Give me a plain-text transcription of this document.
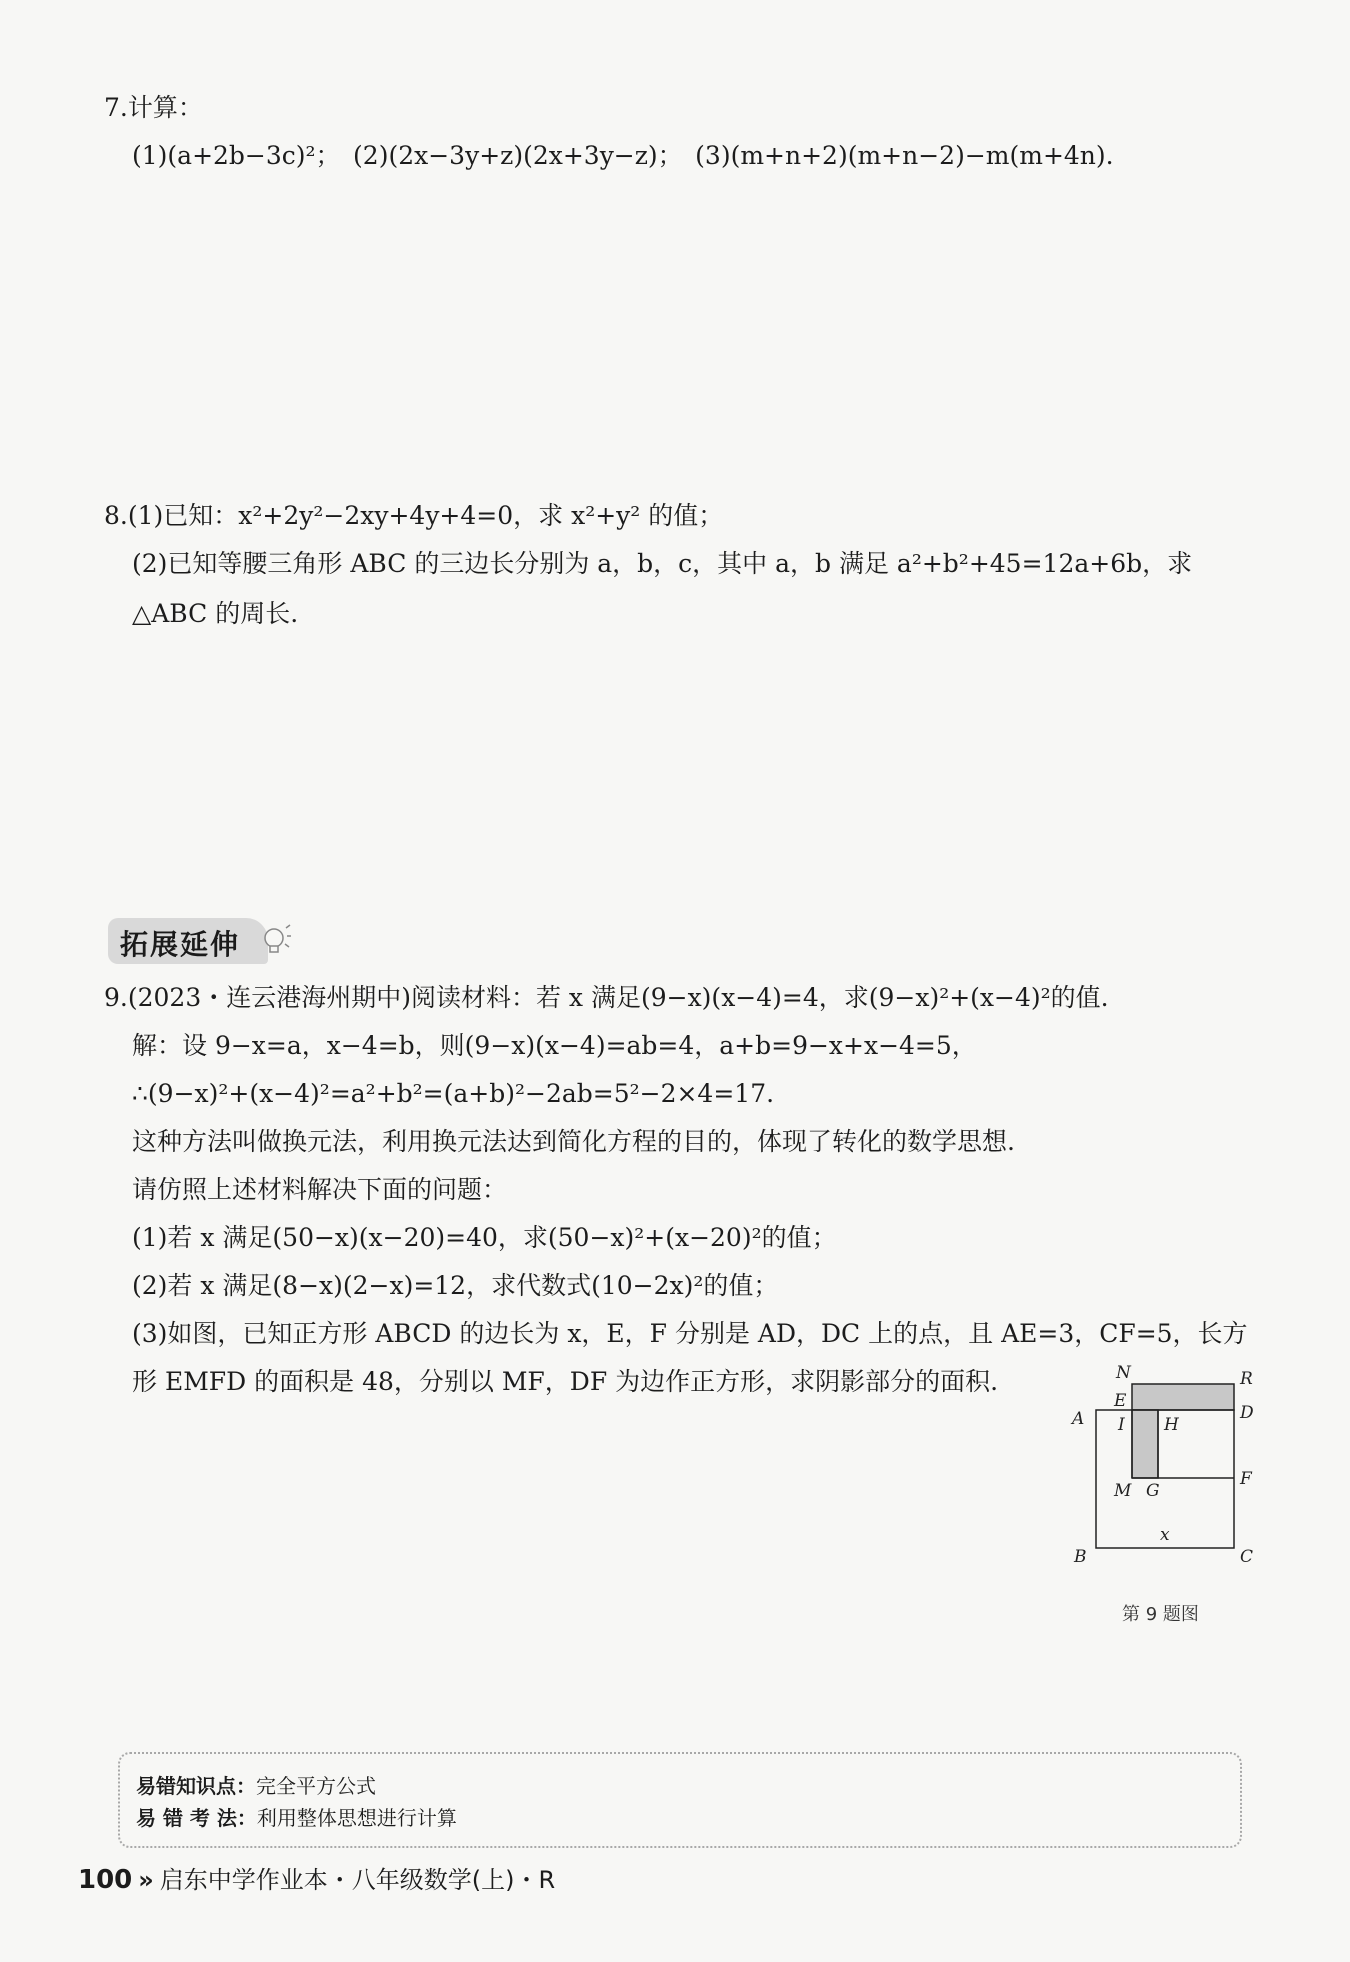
7.计算：
(1)(a+2b−3c)²；　(2)(2x−3y+z)(2x+3y−z)；　(3)(m+n+2)(m+n−2)−m(m+4n).
8.(1)已知：x²+2y²−2xy+4y+4=0，求 x²+y² 的值；
(2)已知等腰三角形 ABC 的三边长分别为 a，b，c，其中 a，b 满足 a²+b²+45=12a+6b，求
△ABC 的周长.
拓展延伸
9.(2023・连云港海州期中)阅读材料：若 x 满足(9−x)(x−4)=4，求(9−x)²+(x−4)²的值.
解：设 9−x=a，x−4=b，则(9−x)(x−4)=ab=4，a+b=9−x+x−4=5，
∴(9−x)²+(x−4)²=a²+b²=(a+b)²−2ab=5²−2×4=17.
这种方法叫做换元法，利用换元法达到简化方程的目的，体现了转化的数学思想.
请仿照上述材料解决下面的问题：
(1)若 x 满足(50−x)(x−20)=40，求(50−x)²+(x−20)²的值；
(2)若 x 满足(8−x)(2−x)=12，求代数式(10−2x)²的值；
(3)如图，已知正方形 ABCD 的边长为 x，E，F 分别是 AD，DC 上的点，且 AE=3，CF=5，长方
形 EMFD 的面积是 48，分别以 MF，DF 为边作正方形，求阴影部分的面积.	N	R
E
D
A I H
M G
F
B
x
C
第 9 题图
易错知识点：完全平方公式
易 错 考 法：利用整体思想进行计算
100 » 启东中学作业本・八年级数学(上)・R
